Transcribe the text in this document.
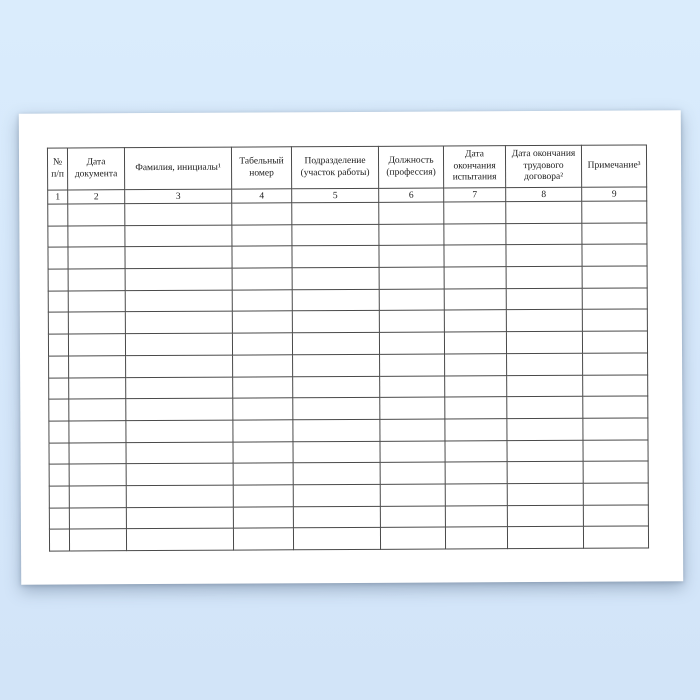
№ п/п	Дата документа	Фамилия, инициалы¹	Табельный номер	Подразделение (участок работы)	Должность (профессия)	Дата окончания испытания	Дата окончания трудового договора²	Примечание³
1	2	3	4	5	6	7	8	9
